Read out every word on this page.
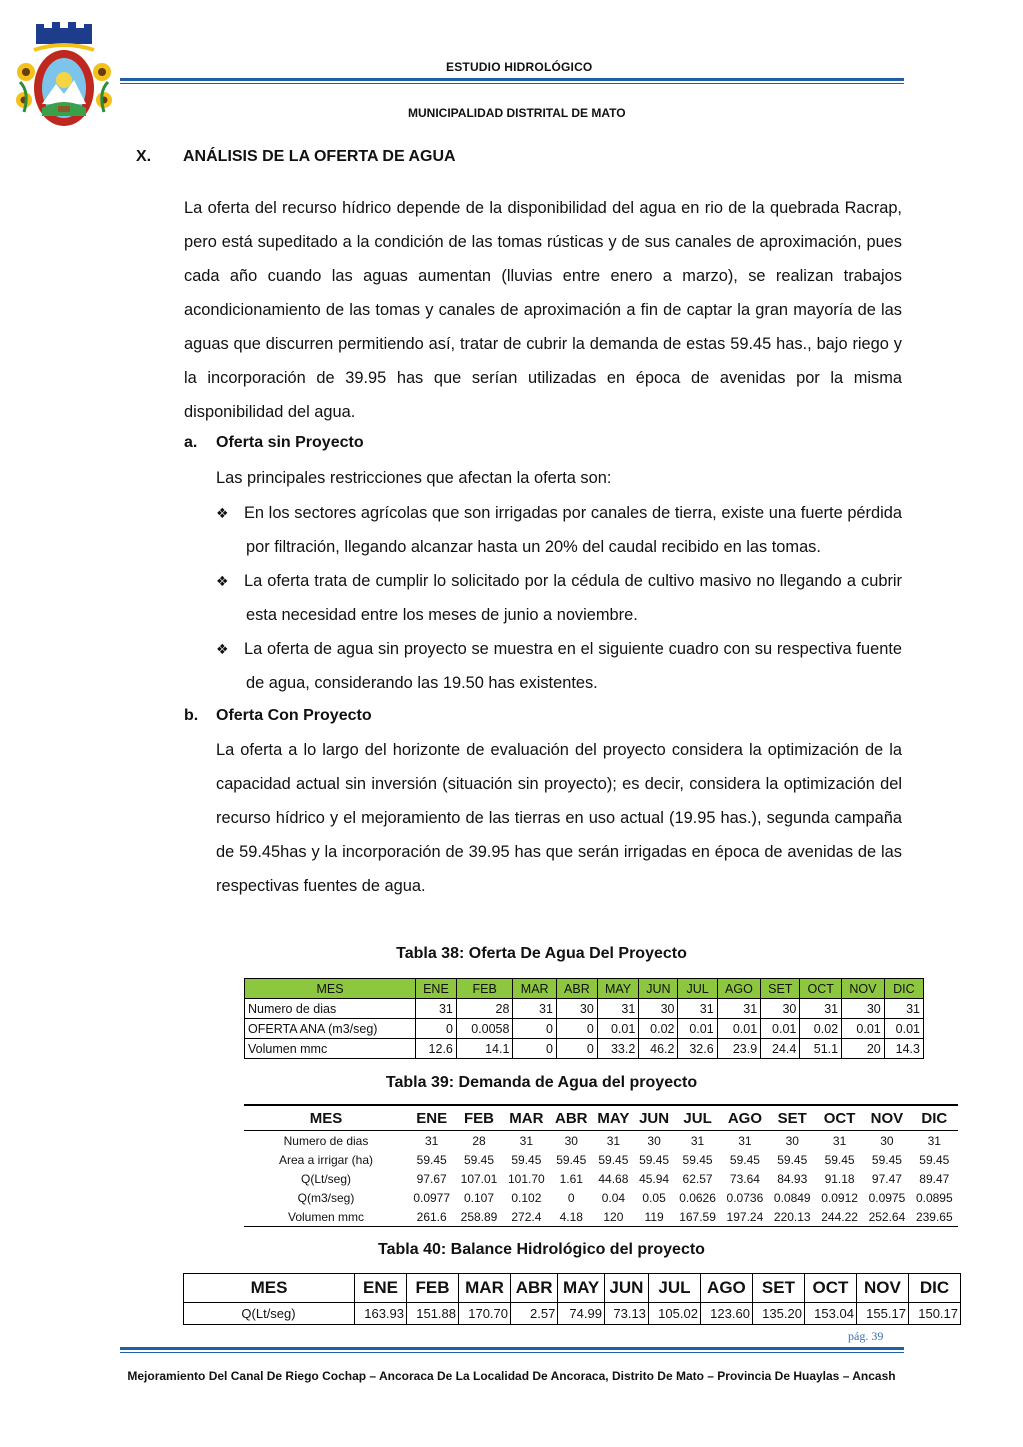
ESTUDIO HIDROLÓGICO
MUNICIPALIDAD DISTRITAL DE MATO
X. ANÁLISIS DE LA OFERTA DE AGUA
La oferta del recurso hídrico depende de la disponibilidad del agua en rio de la quebrada Racrap, pero está supeditado a la condición de las tomas rústicas y de sus canales de aproximación, pues cada año cuando las aguas aumentan (lluvias entre enero a marzo), se realizan trabajos acondicionamiento de las tomas y canales de aproximación a fin de captar la gran mayoría de las aguas que discurren permitiendo así, tratar de cubrir la demanda de estas 59.45 has., bajo riego y la incorporación de 39.95 has que serían utilizadas en época de avenidas por la misma disponibilidad del agua.
a. Oferta sin Proyecto
Las principales restricciones que afectan la oferta son:
❖ En los sectores agrícolas que son irrigadas por canales de tierra, existe una fuerte pérdida
por filtración, llegando alcanzar hasta un 20% del caudal recibido en las tomas.
❖ La oferta trata de cumplir lo solicitado por la cédula de cultivo masivo no llegando a cubrir
esta necesidad entre los meses de junio a noviembre.
❖ La oferta de agua sin proyecto se muestra en el siguiente cuadro con su respectiva fuente
de agua, considerando las 19.50 has existentes.
b. Oferta Con Proyecto
La oferta a lo largo del horizonte de evaluación del proyecto considera la optimización de la capacidad actual sin inversión (situación sin proyecto); es decir, considera la optimización del recurso hídrico y el mejoramiento de las tierras en uso actual (19.95 has.), segunda campaña de 59.45has y la incorporación de 39.95 has que serán irrigadas en época de avenidas de las respectivas fuentes de agua.
Tabla 38: Oferta De Agua Del Proyecto
MES	ENE	FEB	MAR	ABR	MAY	JUN	JUL	AGO	SET	OCT	NOV	DIC
Numero de dias	31	28	31	30	31	30	31	31	30	31	30	31
OFERTA ANA (m3/seg)	0	0.0058	0	0	0.01	0.02	0.01	0.01	0.01	0.02	0.01	0.01
Volumen mmc	12.6	14.1	0	0	33.2	46.2	32.6	23.9	24.4	51.1	20	14.3
Tabla 39: Demanda de Agua del proyecto
MES	ENE	FEB	MAR	ABR	MAY	JUN	JUL	AGO	SET	OCT	NOV	DIC
Numero de dias	31	28	31	30	31	30	31	31	30	31	30	31
Area a irrigar (ha)	59.45	59.45	59.45	59.45	59.45	59.45	59.45	59.45	59.45	59.45	59.45	59.45
Q(Lt/seg)	97.67	107.01	101.70	1.61	44.68	45.94	62.57	73.64	84.93	91.18	97.47	89.47
Q(m3/seg)	0.0977	0.107	0.102	0	0.04	0.05	0.0626	0.0736	0.0849	0.0912	0.0975	0.0895
Volumen mmc	261.6	258.89	272.4	4.18	120	119	167.59	197.24	220.13	244.22	252.64	239.65
Tabla 40: Balance Hidrológico del proyecto
MES	ENE	FEB	MAR	ABR	MAY	JUN	JUL	AGO	SET	OCT	NOV	DIC
Q(Lt/seg)	163.93	151.88	170.70	2.57	74.99	73.13	105.02	123.60	135.20	153.04	155.17	150.17
pág. 39
Mejoramiento Del Canal De Riego Cochap – Ancoraca De La Localidad De Ancoraca, Distrito De Mato – Provincia De Huaylas – Ancash
